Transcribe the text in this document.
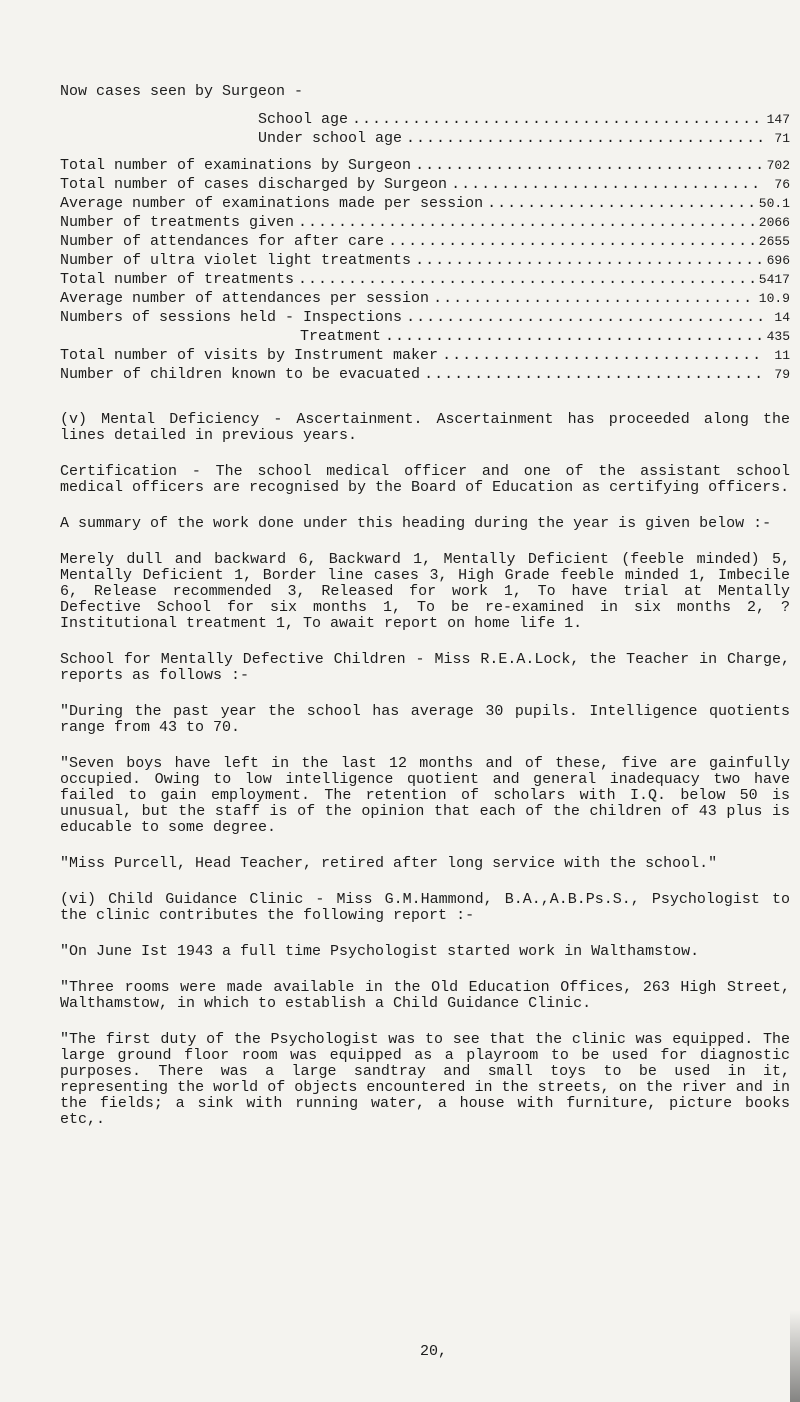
Now cases seen by Surgeon -
School age .....	147
Under school age .....	71
Total number of examinations by Surgeon .....	702
Total number of cases discharged by Surgeon .....	76
Average number of examinations made per session .....	50.1
Number of treatments given .....	2066
Number of attendances for after care .....	2655
Number of ultra violet light treatments .....	696
Total number of treatments .....	5417
Average number of attendances per session .....	10.9
Numbers of sessions held - Inspections .....	14
Treatment .....	435
Total number of visits by Instrument maker .....	11
Number of children known to be evacuated .....	79

(v) Mental Deficiency - Ascertainment. Ascertainment has proceeded along the lines detailed in previous years.

Certification - The school medical officer and one of the assistant school medical officers are recognised by the Board of Education as certifying officers.

A summary of the work done under this heading during the year is given below :-

Merely dull and backward 6, Backward 1, Mentally Deficient (feeble minded) 5, Mentally Deficient 1, Border line cases 3, High Grade feeble minded 1, Imbecile 6, Release recommended 3, Released for work 1, To have trial at Mentally Defective School for six months 1, To be re-examined in six months 2, ? Institutional treatment 1, To await report on home life 1.

School for Mentally Defective Children - Miss R.E.A.Lock, the Teacher in Charge, reports as follows :-

"During the past year the school has average 30 pupils. Intelligence quotients range from 43 to 70.

"Seven boys have left in the last 12 months and of these, five are gainfully occupied. Owing to low intelligence quotient and general inadequacy two have failed to gain employment. The retention of scholars with I.Q. below 50 is unusual, but the staff is of the opinion that each of the children of 43 plus is educable to some degree.

"Miss Purcell, Head Teacher, retired after long service with the school."

(vi) Child Guidance Clinic - Miss G.M.Hammond, B.A.,A.B.Ps.S., Psychologist to the clinic contributes the following report :-

"On June Ist 1943 a full time Psychologist started work in Walthamstow.

"Three rooms were made available in the Old Education Offices, 263 High Street, Walthamstow, in which to establish a Child Guidance Clinic.

"The first duty of the Psychologist was to see that the clinic was equipped. The large ground floor room was equipped as a playroom to be used for diagnostic purposes. There was a large sandtray and small toys to be used in it, representing the world of objects encountered in the streets, on the river and in the fields; a sink with running water, a house with furniture, picture books etc,.

20,
